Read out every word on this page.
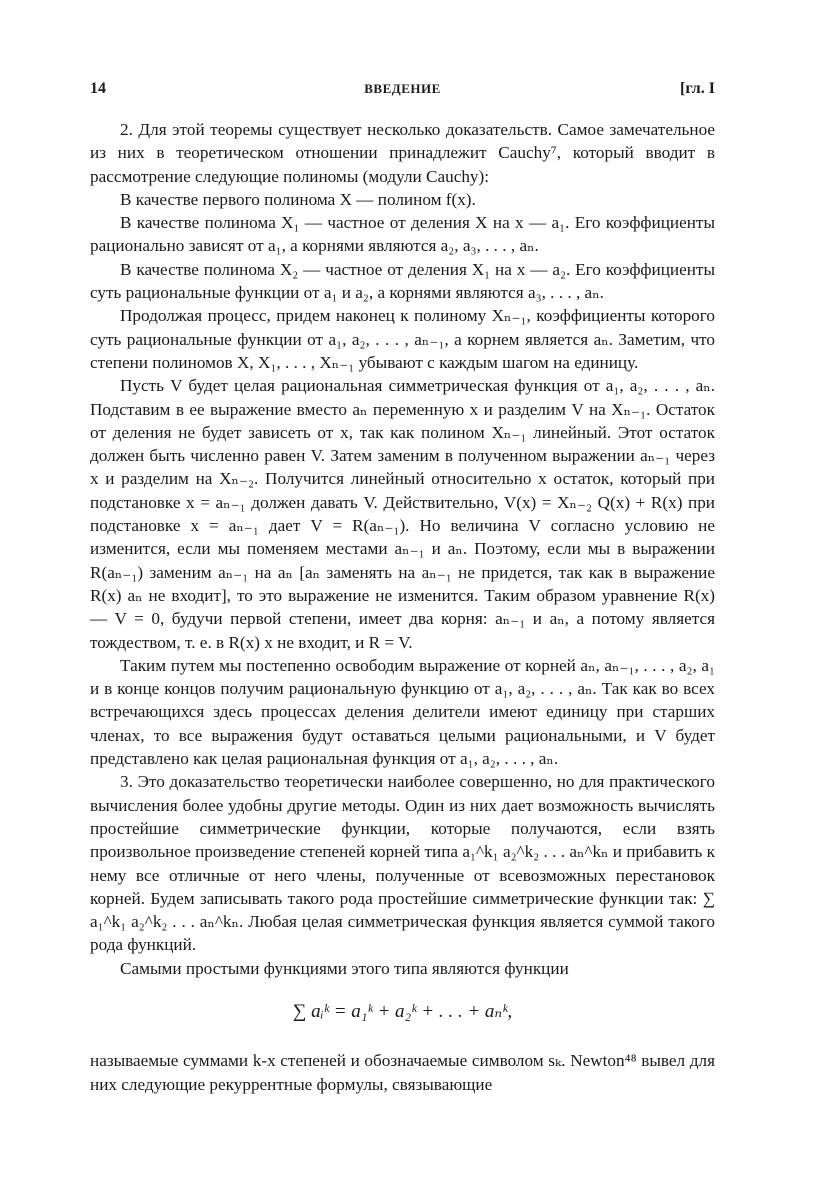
14	ВВЕДЕНИЕ	[гл. I

2. Для этой теоремы существует несколько доказательств. Самое замечательное из них в теоретическом отношении принадлежит Cauchy⁷, который вводит в рассмотрение следующие полиномы (модули Cauchy):

В качестве первого полинома X — полином f(x).

В качестве полинома X₁ — частное от деления X на x — a₁. Его коэффициенты рационально зависят от a₁, а корнями являются a₂, a₃, . . . , aₙ.

В качестве полинома X₂ — частное от деления X₁ на x — a₂. Его коэффициенты суть рациональные функции от a₁ и a₂, а корнями являются a₃, . . . , aₙ.

Продолжая процесс, придем наконец к полиному Xₙ₋₁, коэффициенты которого суть рациональные функции от a₁, a₂, . . . , aₙ₋₁, а корнем является aₙ. Заметим, что степени полиномов X, X₁, . . . , Xₙ₋₁ убывают с каждым шагом на единицу.

Пусть V будет целая рациональная симметрическая функция от a₁, a₂, . . . , aₙ. Подставим в ее выражение вместо aₙ переменную x и разделим V на Xₙ₋₁. Остаток от деления не будет зависеть от x, так как полином Xₙ₋₁ линейный. Этот остаток должен быть численно равен V. Затем заменим в полученном выражении aₙ₋₁ через x и разделим на Xₙ₋₂. Получится линейный относительно x остаток, который при подстановке x = aₙ₋₁ должен давать V. Действительно, V(x) = Xₙ₋₂ Q(x) + R(x) при подстановке x = aₙ₋₁ дает V = R(aₙ₋₁). Но величина V согласно условию не изменится, если мы поменяем местами aₙ₋₁ и aₙ. Поэтому, если мы в выражении R(aₙ₋₁) заменим aₙ₋₁ на aₙ [aₙ заменять на aₙ₋₁ не придется, так как в выражение R(x) aₙ не входит], то это выражение не изменится. Таким образом уравнение R(x) — V = 0, будучи первой степени, имеет два корня: aₙ₋₁ и aₙ, а потому является тождеством, т. е. в R(x) x не входит, и R = V.

Таким путем мы постепенно освободим выражение от корней aₙ, aₙ₋₁, . . . , a₂, a₁ и в конце концов получим рациональную функцию от a₁, a₂, . . . , aₙ. Так как во всех встречающихся здесь процессах деления делители имеют единицу при старших членах, то все выражения будут оставаться целыми рациональными, и V будет представлено как целая рациональная функция от a₁, a₂, . . . , aₙ.

3. Это доказательство теоретически наиболее совершенно, но для практического вычисления более удобны другие методы. Один из них дает возможность вычислять простейшие симметрические функции, которые получаются, если взять произвольное произведение степеней корней типа a₁^k₁ a₂^k₂ . . . aₙ^kₙ и прибавить к нему все отличные от него члены, полученные от всевозможных перестановок корней. Будем записывать такого рода простейшие симметрические функции так: ∑ a₁^k₁ a₂^k₂ . . . aₙ^kₙ. Любая целая симметрическая функция является суммой такого рода функций.

Самыми простыми функциями этого типа являются функции

∑ aᵢᵏ = a₁ᵏ + a₂ᵏ + . . . + aₙᵏ,

называемые суммами k-х степеней и обозначаемые символом sₖ. Newton⁴⁸ вывел для них следующие рекуррентные формулы, связывающие
